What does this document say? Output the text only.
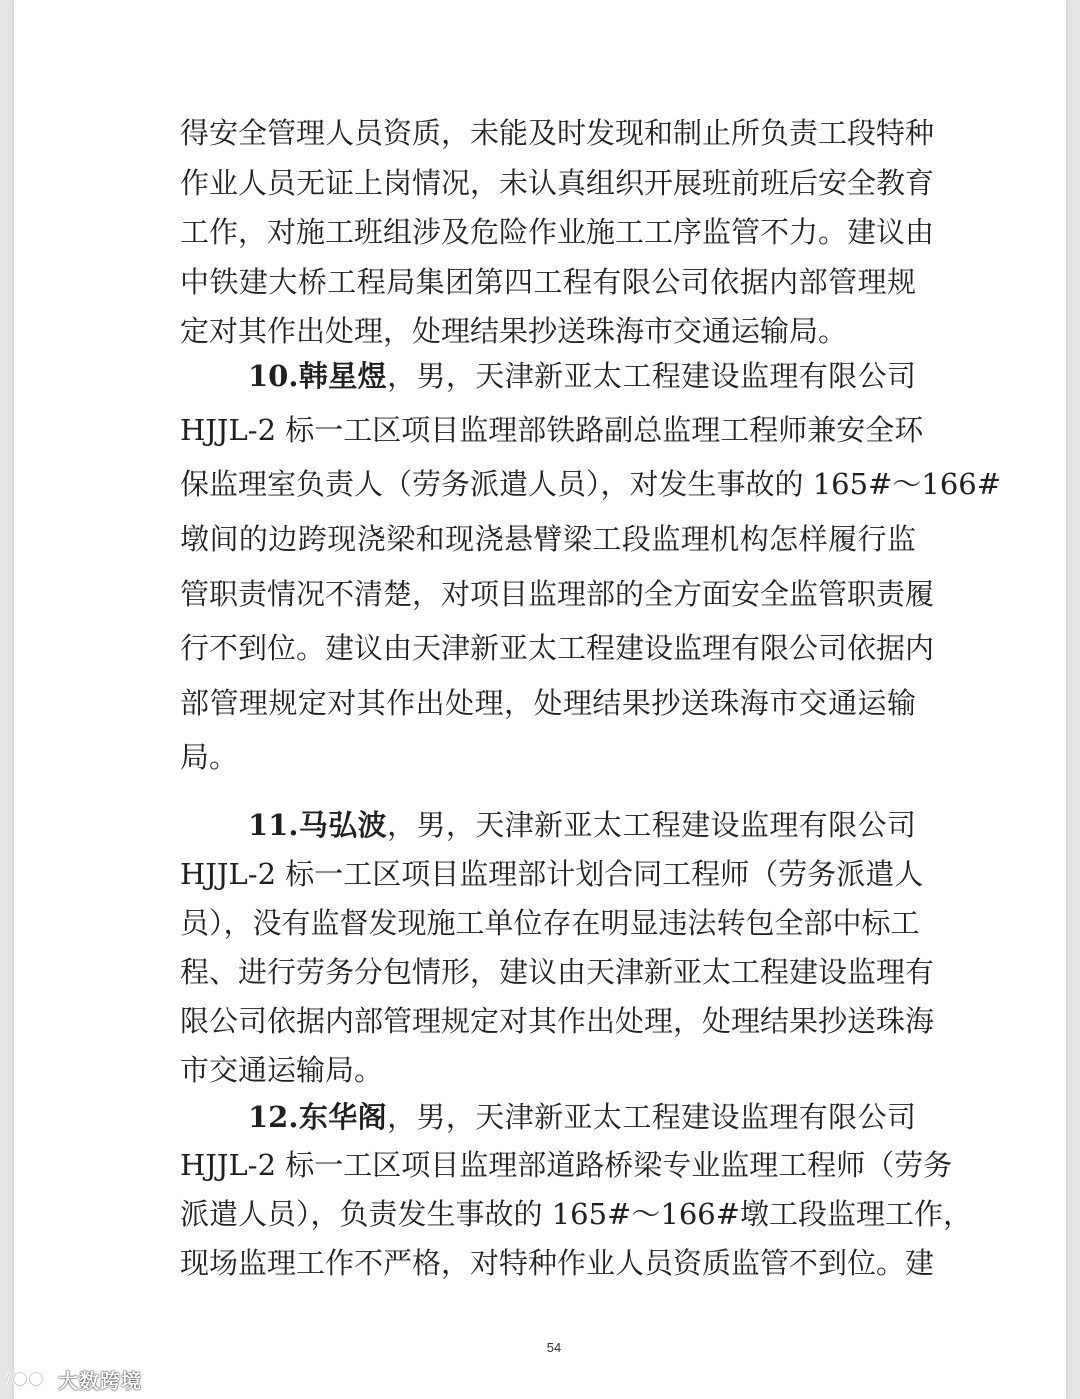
得安全管理人员资质，未能及时发现和制止所负责工段特种
作业人员无证上岗情况，未认真组织开展班前班后安全教育
工作，对施工班组涉及危险作业施工工序监管不力。建议由
中铁建大桥工程局集团第四工程有限公司依据内部管理规
定对其作出处理，处理结果抄送珠海市交通运输局。
10.韩星煜，男，天津新亚太工程建设监理有限公司
HJJL-2 标一工区项目监理部铁路副总监理工程师兼安全环
保监理室负责人（劳务派遣人员），对发生事故的 165#～166#
墩间的边跨现浇梁和现浇悬臂梁工段监理机构怎样履行监
管职责情况不清楚，对项目监理部的全方面安全监管职责履
行不到位。建议由天津新亚太工程建设监理有限公司依据内
部管理规定对其作出处理，处理结果抄送珠海市交通运输
局。
11.马弘波，男，天津新亚太工程建设监理有限公司
HJJL-2 标一工区项目监理部计划合同工程师（劳务派遣人
员），没有监督发现施工单位存在明显违法转包全部中标工
程、进行劳务分包情形，建议由天津新亚太工程建设监理有
限公司依据内部管理规定对其作出处理，处理结果抄送珠海
市交通运输局。
12.东华阁，男，天津新亚太工程建设监理有限公司
HJJL-2 标一工区项目监理部道路桥梁专业监理工程师（劳务
派遣人员），负责发生事故的 165#～166#墩工段监理工作，
现场监理工作不严格，对特种作业人员资质监管不到位。建
54
大数跨境
